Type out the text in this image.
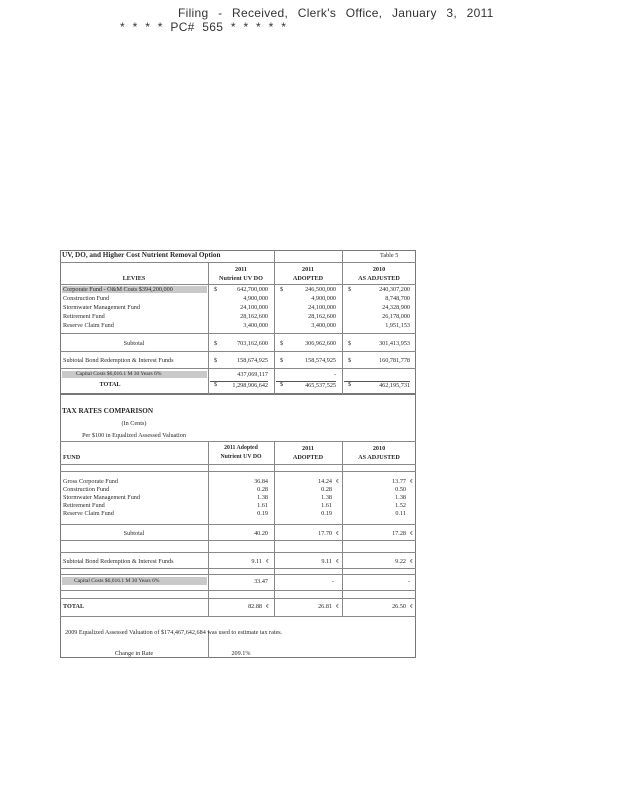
Filing - Received, Clerk's Office, January 3, 2011
* * * * PC# 565 * * * * *
UV, DO, and Higher Cost Nutrient Removal Option	Table 5
2011	2011	2010
LEVIES	Nutrient UV DO	ADOPTED	AS ADJUSTED
Corporate Fund - O&M Costs $394,200,000	$	642,700,000 $	246,500,000 $	240,307,200
Construction Fund	4,900,000	4,900,000	8,748,700
Stormwater Management Fund	24,100,000	24,100,000	24,328,900
Retirement Fund	28,162,600	28,162,600	26,178,000
Reserve Claim Fund	3,400,000	3,400,000	1,951,153
Subtotal	$	703,162,600 $	306,962,600 $	301,413,953
Subtotal Bond Redemption & Interest Funds	$	158,674,925 $	158,574,925 $	160,781,778
Capital Costs $6,016.1 M 30 Years 6%	437,069,117	-
TOTAL	$	1,298,906,642 $	465,537,525 $	462,195,731
TAX RATES COMPARISON
(In Cents)
Per $100 in Equalized Assessed Valuation
2011 Adopted	2011	2010
FUND	Nutrient UV DO	ADOPTED	AS ADJUSTED
Gross Corporate Fund	36.84	14.24 ¢	13.77 ¢
Construction Fund	0.28	0.28	0.50
Stormwater Management Fund	1.38	1.38	1.38
Retirement Fund	1.61	1.61	1.52
Reserve Claim Fund	0.19	0.19	0.11
Subtotal	40.20	17.70 ¢	17.28 ¢
Subtotal Bond Redemption & Interest Funds	9.11 ¢	9.11 ¢	9.22 ¢
Capital Costs $6,016.1 M 30 Years 6%	33.47	-	-
TOTAL	82.88 ¢	26.81 ¢	26.50 ¢
2009 Equalized Assessed Valuation of $174,467,642,684 was used to estimate tax rates.
Change in Rate	209.1%
